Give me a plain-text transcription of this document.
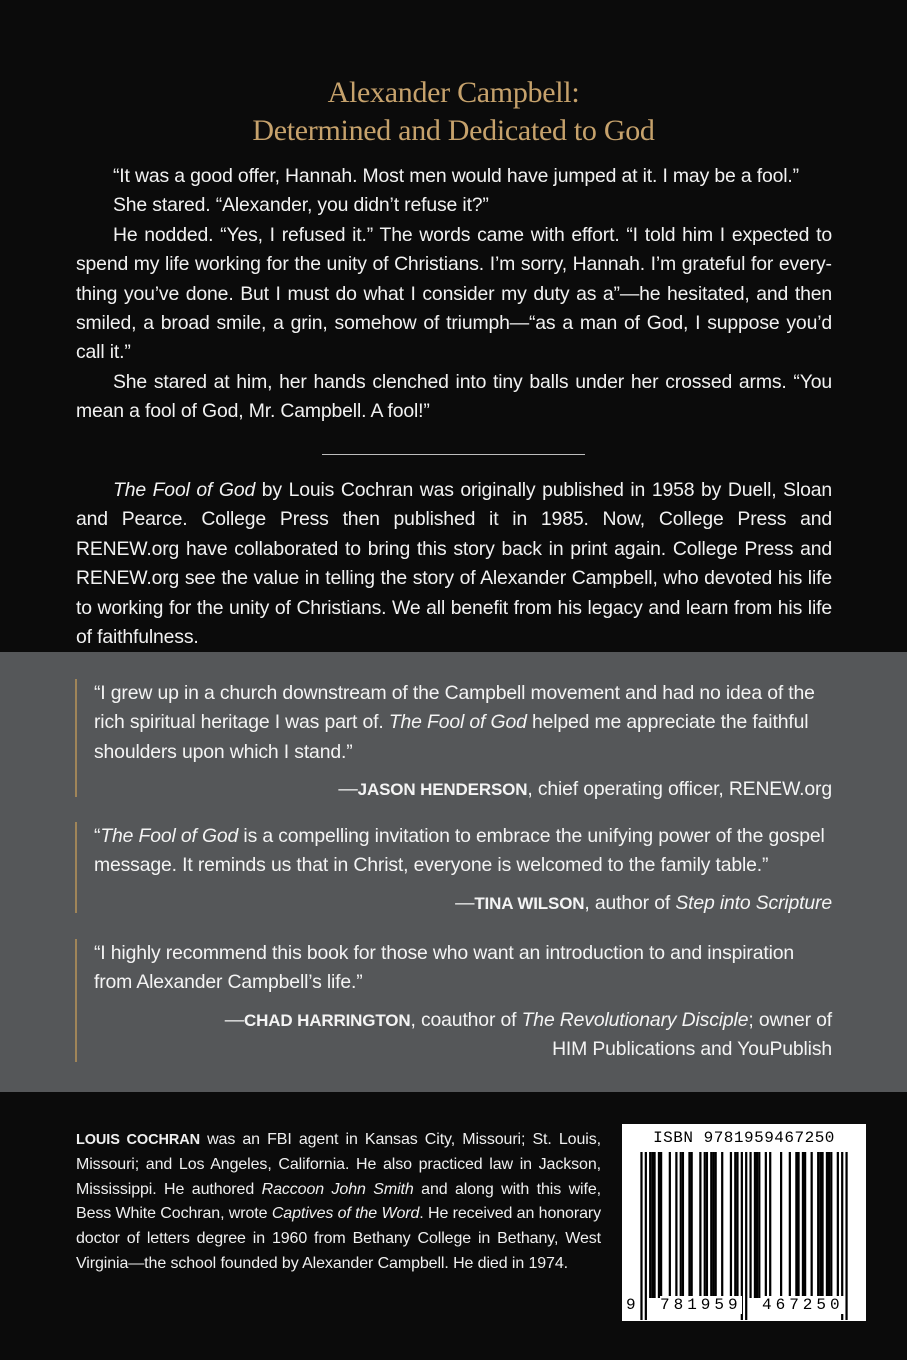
Alexander Campbell:
Determined and Dedicated to God

“It was a good offer, Hannah. Most men would have jumped at it. I may be a fool.”

She stared. “Alexander, you didn’t refuse it?”

He nodded. “Yes, I refused it.” The words came with effort. “I told him I expected to spend my life working for the unity of Christians. I’m sorry, Hannah. I’m grateful for everything you’ve done. But I must do what I consider my duty as a”—he hesitated, and then smiled, a broad smile, a grin, somehow of triumph—“as a man of God, I suppose you’d call it.”

She stared at him, her hands clenched into tiny balls under her crossed arms. “You mean a fool of God, Mr. Campbell. A fool!”

The Fool of God by Louis Cochran was originally published in 1958 by Duell, Sloan and Pearce. College Press then published it in 1985. Now, College Press and RENEW.org have collaborated to bring this story back in print again. College Press and RENEW.org see the value in telling the story of Alexander Campbell, who devoted his life to working for the unity of Christians. We all benefit from his legacy and learn from his life of faithfulness.

“I grew up in a church downstream of the Campbell movement and had no idea of the rich spiritual heritage I was part of. The Fool of God helped me appreciate the faithful shoulders upon which I stand.”

—JASON HENDERSON, chief operating officer, RENEW.org

“The Fool of God is a compelling invitation to embrace the unifying power of the gospel message. It reminds us that in Christ, everyone is welcomed to the family table.”

—TINA WILSON, author of Step into Scripture

“I highly recommend this book for those who want an introduction to and inspiration from Alexander Campbell’s life.”

—CHAD HARRINGTON, coauthor of The Revolutionary Disciple; owner of
HIM Publications and YouPublish

LOUIS COCHRAN was an FBI agent in Kansas City, Missouri; St. Louis, Missouri; and Los Angeles, California. He also practiced law in Jackson, Mississippi. He authored Raccoon John Smith and along with this wife, Bess White Cochran, wrote Captives of the Word. He received an honorary doctor of letters degree in 1960 from Bethany College in Bethany, West Virginia—the school founded by Alexander Campbell. He died in 1974.

ISBN 9781959467250
9 781959 467250
